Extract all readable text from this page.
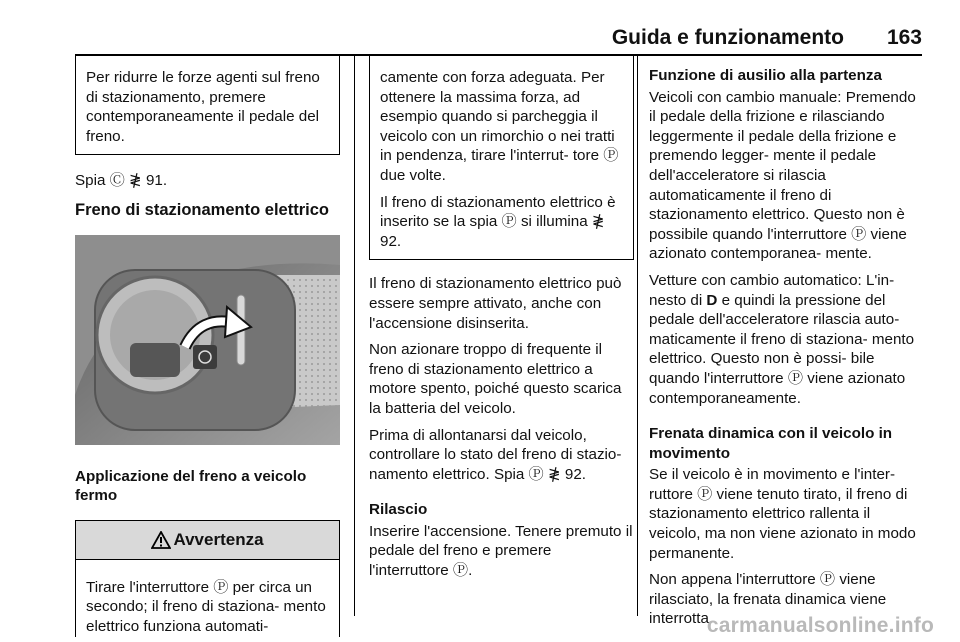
Guida e funzionamento 163

Per ridurre le forze agenti sul freno di stazionamento, premere contemporaneamente il pedale del freno.

Spia Ⓒ ≹ 91.

Freno di stazionamento elettrico
Applicazione del freno a veicolo fermo
Avvertenza

Tirare l'interruttore Ⓟ per circa un secondo; il freno di staziona- mento elettrico funziona automati-

camente con forza adeguata. Per ottenere la massima forza, ad esempio quando si parcheggia il veicolo con un rimorchio o nei tratti in pendenza, tirare l'interrut- tore Ⓟ due volte.

Il freno di stazionamento elettrico è inserito se la spia Ⓟ si illumina ≹ 92.

Il freno di stazionamento elettrico può essere sempre attivato, anche con l'accensione disinserita.

Non azionare troppo di frequente il freno di stazionamento elettrico a motore spento, poiché questo scarica la batteria del veicolo.

Prima di allontanarsi dal veicolo, controllare lo stato del freno di stazio- namento elettrico. Spia Ⓟ ≹ 92.

Rilascio

Inserire l'accensione. Tenere premuto il pedale del freno e premere l'interruttore Ⓟ.

Funzione di ausilio alla partenza

Veicoli con cambio manuale: Premendo il pedale della frizione e rilasciando leggermente il pedale della frizione e premendo legger- mente il pedale dell'acceleratore si rilascia automaticamente il freno di stazionamento elettrico. Questo non è possibile quando l'interruttore Ⓟ viene azionato contemporanea- mente.

Vetture con cambio automatico: L'in- nesto di D e quindi la pressione del pedale dell'acceleratore rilascia auto- maticamente il freno di staziona- mento elettrico. Questo non è possi- bile quando l'interruttore Ⓟ viene azionato contemporaneamente.

Frenata dinamica con il veicolo in movimento

Se il veicolo è in movimento e l'inter- ruttore Ⓟ viene tenuto tirato, il freno di stazionamento elettrico rallenta il veicolo, ma non viene azionato in modo permanente.

Non appena l'interruttore Ⓟ viene rilasciato, la frenata dinamica viene interrotta.

carmanualsonline.info
